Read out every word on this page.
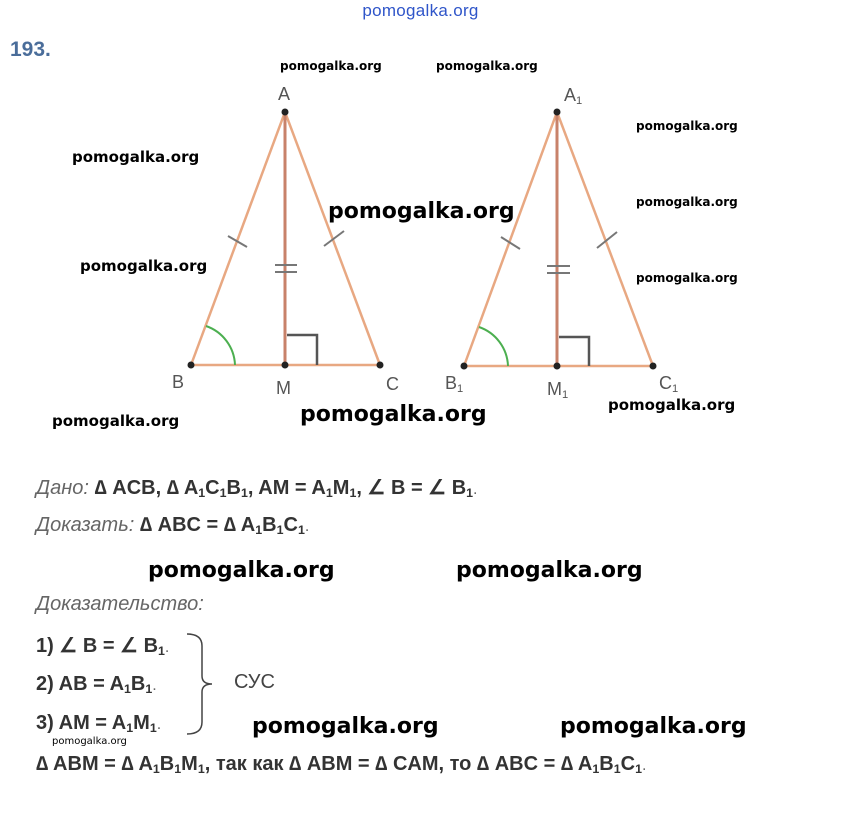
pomogalka.org
193.
A
B	M	C
$A_1$
$B_1$	$M_1$
$C_1$
pomogalka.org	pomogalka.org
pomogalka.org
pomogalka.org
pomogalka.org
pomogalka.org
pomogalka.org
pomogalka.org
pomogalka.org
pomogalka.org
pomogalka.org
pomogalka.org	pomogalka.org
pomogalka.org	pomogalka.org
pomogalka.org
Дано: ∆ ACB, ∆ $A_1C_1B_1$, AM = $A_1M_1$, ∠ B = ∠ $B_1$.
Доказать: ∆ ABC = ∆ $A_1B_1C_1$.
Доказательство:
1) ∠ B = ∠ $B_1$.
2) AB = $A_1B_1$.
3) AM = $A_1M_1$.
СУС
∆ ABM = ∆ $A_1B_1M_1$, так как ∆ ABM = ∆ CAM, то ∆ ABC = ∆ $A_1B_1C_1$.
